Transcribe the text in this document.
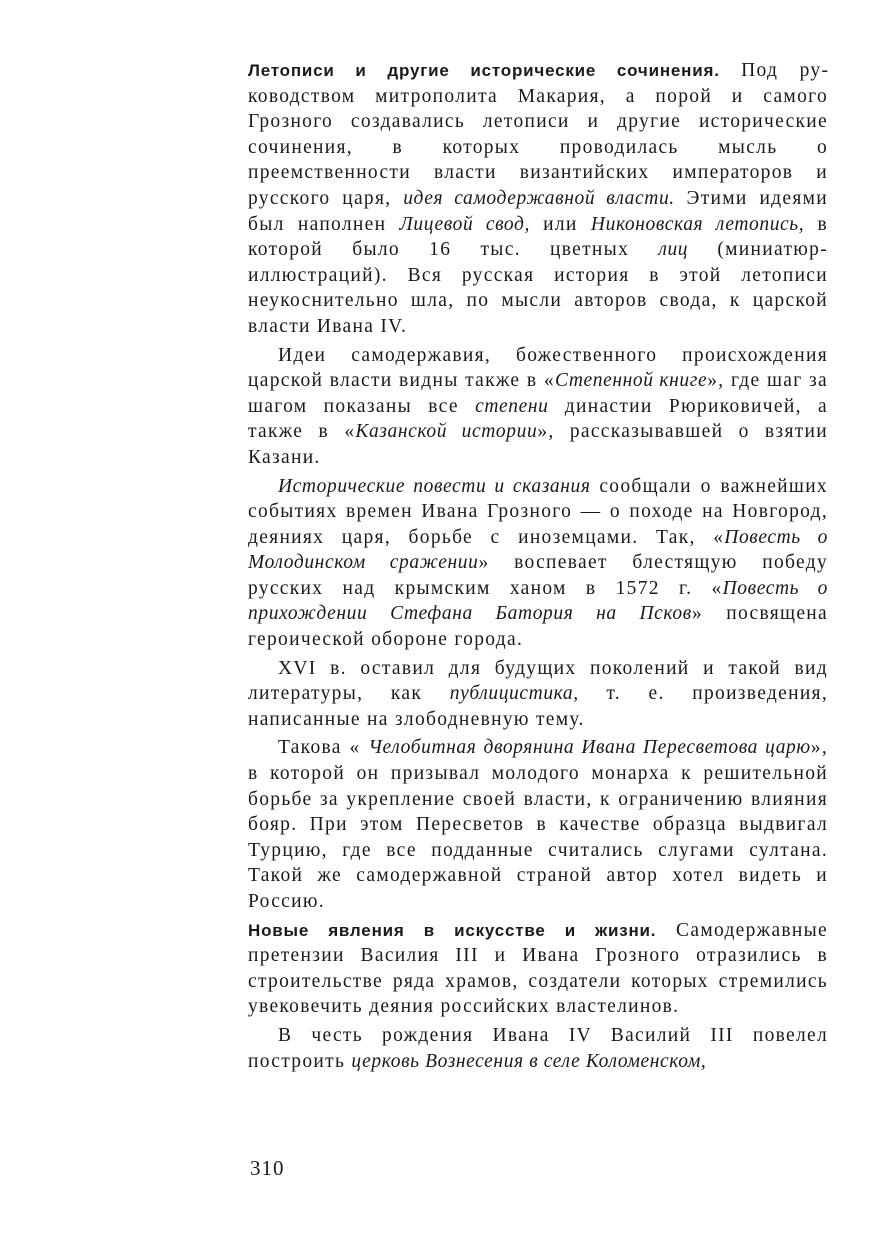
Летописи и другие исторические сочинения. Под руководством митрополита Макария, а порой и самого Грозного создавались летописи и другие исторические сочинения, в которых проводилась мысль о преемственности власти византийских императоров и русского царя, идея самодержавной власти. Этими идеями был наполнен Лицевой свод, или Никоновская летопись, в которой было 16 тыс. цветных лиц (миниатюр-иллюстраций). Вся русская история в этой летописи неукоснительно шла, по мысли авторов свода, к царской власти Ивана IV.

Идеи самодержавия, божественного происхождения царской власти видны также в «Степенной книге», где шаг за шагом показаны все степени династии Рюриковичей, а также в «Казанской истории», рассказывавшей о взятии Казани.

Исторические повести и сказания сообщали о важнейших событиях времен Ивана Грозного — о походе на Новгород, деяниях царя, борьбе с иноземцами. Так, «Повесть о Молодинском сражении» воспевает блестящую победу русских над крымским ханом в 1572 г. «Повесть о прихождении Стефана Батория на Псков» посвящена героической обороне города.

XVI в. оставил для будущих поколений и такой вид литературы, как публицистика, т. е. произведения, написанные на злободневную тему.

Такова « Челобитная дворянина Ивана Пересветова царю», в которой он призывал молодого монарха к решительной борьбе за укрепление своей власти, к ограничению влияния бояр. При этом Пересветов в качестве образца выдвигал Турцию, где все подданные считались слугами султана. Такой же самодержавной страной автор хотел видеть и Россию.

Новые явления в искусстве и жизни. Самодержавные претензии Василия III и Ивана Грозного отразились в строительстве ряда храмов, создатели которых стремились увековечить деяния российских властелинов.

В честь рождения Ивана IV Василий III повелел построить церковь Вознесения в селе Коломенском,

310
